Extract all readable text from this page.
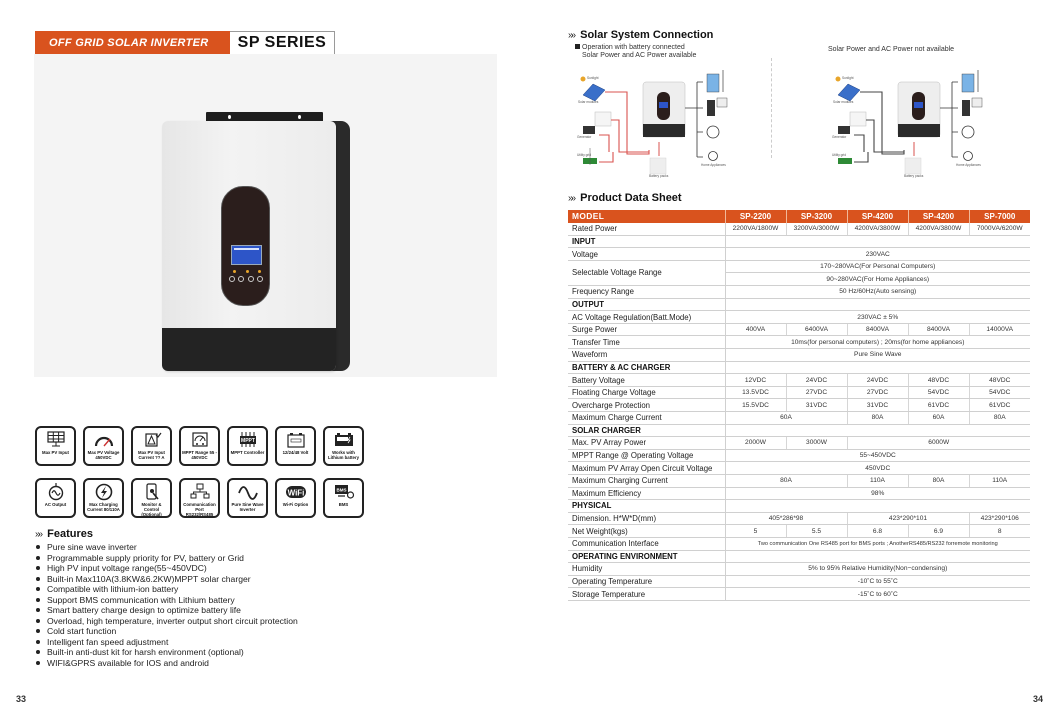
OFF GRID SOLAR INVERTER	SP SERIES
Max PV Input	Max PV Voltage 450VDC
Max PV Input Current ?? A
MPPT Range 55 - 450VDC
MPPT
MPPT Controller	12/24/48 Volt	Works with Lithium battery
AC Output	Max Charging Current 80/110A
Monitor & Control (Optional)
Communication Port RS232/RS485
Pure Sine Wave Inverter
WiFi
Wi-Fi Option
BMS
BMS
»» Features
Pure sine wave inverter
Programmable supply priority for PV, battery or Grid
High PV input voltage range(55~450VDC)
Built-in Max110A(3.8KW&6.2KW)MPPT solar charger
Compatible with lithium-ion battery
Support BMS communication with Lithium battery
Smart battery charge design to optimize battery life
Overload, high temperature, inverter output short circuit protection
Cold start function
Intelligent fan speed adjustment
Built-in anti-dust kit for harsh environment (optional)
WIFI&GPRS available for IOS and android
33
»» Solar System Connection
Operation with battery connected
Solar Power and AC Power available
Solar Power and AC Power not available
Sunlight
Solar modules
Generator
Utility grid
Battery packs
Home Appliances
Sunlight
Solar modules
Generator
Utility grid
Battery packs
Home Appliances
»» Product Data Sheet
MODEL	SP-2200	SP-3200	SP-4200	SP-4200	SP-7000
Rated Power	2200VA/1800W	3200VA/3000W	4200VA/3800W	4200VA/3800W	7000VA/6200W
INPUT					
Voltage	230VAC				
Selectable Voltage Range	170~280VAC(For Personal Computers)				
	90~280VAC(For Home Appliances)				
Frequency Range	50 Hz/60Hz(Auto sensing)				
OUTPUT					
AC Voltage Regulation(Batt.Mode)	230VAC ± 5%				
Surge Power	400VA	6400VA	8400VA	8400VA	14000VA
Transfer Time	10ms(for personal computers) ; 20ms(for home appliances)				
Waveform	Pure Sine Wave				
BATTERY & AC CHARGER					
Battery Voltage	12VDC	24VDC	24VDC	48VDC	48VDC
Floating Charge Voltage	13.5VDC	27VDC	27VDC	54VDC	54VDC
Overcharge Protection	15.5VDC	31VDC	31VDC	61VDC	61VDC
Maximum Charge Current	60A		80A	60A	80A
SOLAR CHARGER					
Max. PV Array Power	2000W	3000W	6000W		
MPPT Range @ Operating Voltage	55~450VDC				
Maximum PV Array Open Circuit Voltage	450VDC				
Maximum Charging Current	80A		110A	80A	110A
Maximum Efficiency	98%				
PHYSICAL					
Dimension. H*W*D(mm)	405*286*98		423*290*101		423*290*106
Net Weight(kgs)	5	5.5	6.8	6.9	8
Communication Interface	Two communication One RS485 port for BMS ports ; AnotherRS485/RS232 forremote monitoring				
OPERATING ENVIRONMENT					
Humidity	5% to 95% Relative Humidity(Non−condensing)				
Operating Temperature	-10˚C to 55˚C				
Storage Temperature	-15˚C to 60˚C				
34
